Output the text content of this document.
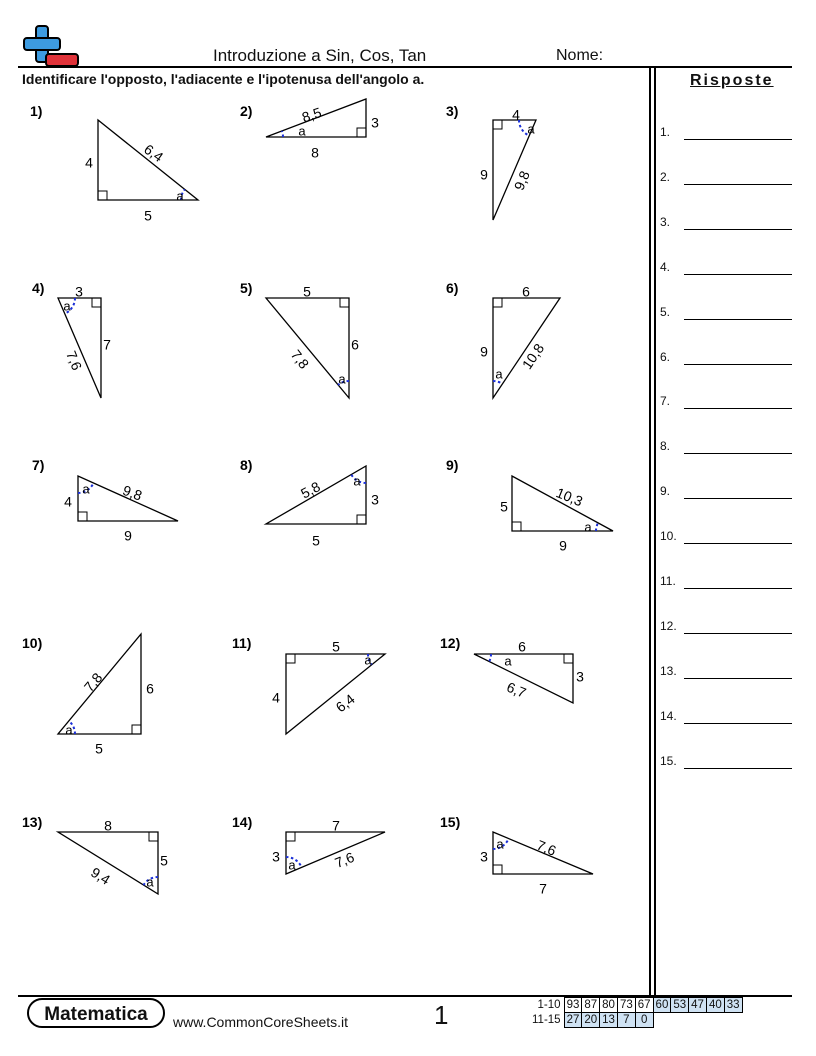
Introduzione a Sin, Cos, Tan	Nome:
Identificare l'opposto, l'adiacente e l'ipotenusa dell'angolo a.	Risposte
1.
2.
3.
4.
5.
6.
7.
8.
9.
10.
11.
12.
13.
14.
15.
1)
a
4	6,4
5
2)
a
8,5	3
8
3)
a
4
9 9,8
4)
a
3
7
7,6
5)
a
5
6
7,8
6)
a
6
9 10,8
7)
a
4	9,8
9
8)
a
5,8	3
5
9)
a
5	10,3
9
10)
a
7,8	6
5
11)
a
5
4	6,4
12)
a
6
3
6,7
13)
a
8
5
9,4
14)
a
7
3	7,6
15)
a
3	7,6
7
Matematica	www.CommonCoreSheets.it	1	1-10	93	87	80	73	67	60	53	47	40	33
11-15	27	20	13	7	0					
